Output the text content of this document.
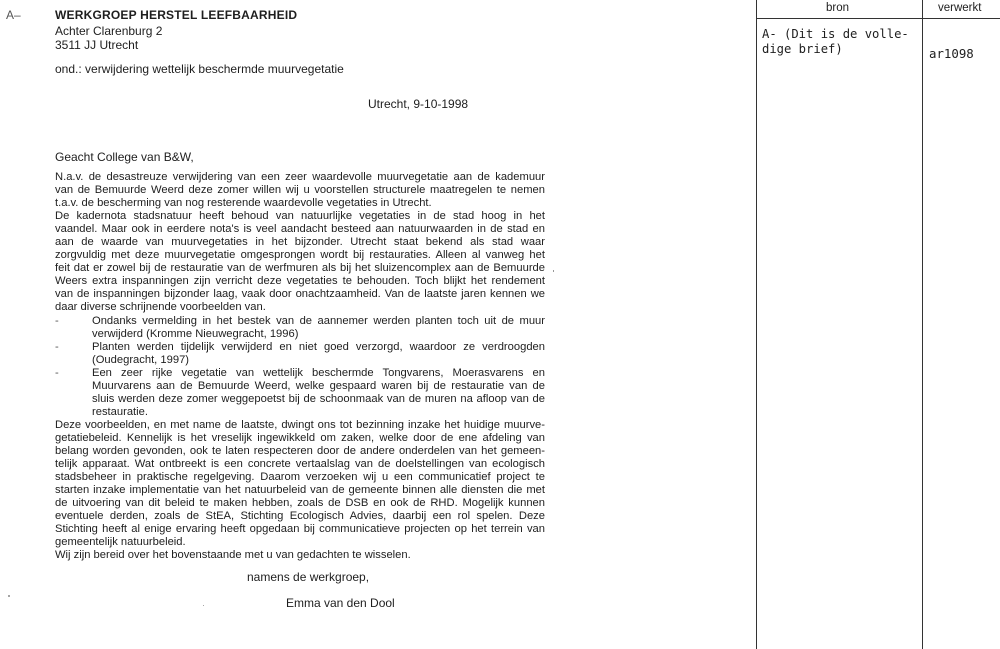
A–	WERKGROEP HERSTEL LEEFBAARHEID
Achter Clarenburg 2
3511 JJ Utrecht
ond.: verwijdering wettelijk beschermde muurvegetatie
Utrecht, 9-10-1998
Geacht College van B&W,
N.a.v. de desastreuze verwijdering van een zeer waardevolle muurvegetatie aan de kademuur
van de Bemuurde Weerd deze zomer willen wij u voorstellen structurele maatregelen te nemen
t.a.v. de bescherming van nog resterende waardevolle vegetaties in Utrecht.
De kadernota stadsnatuur heeft behoud van natuurlijke vegetaties in de stad hoog in het
vaandel. Maar ook in eerdere nota's is veel aandacht besteed aan natuurwaarden in de stad en
aan de waarde van muurvegetaties in het bijzonder. Utrecht staat bekend als stad waar
zorgvuldig met deze muurvegetatie omgesprongen wordt bij restauraties. Alleen al vanweg het
feit dat er zowel bij de restauratie van de werfmuren als bij het sluizencomplex aan de Bemuurde
Weers extra inspanningen zijn verricht deze vegetaties te behouden. Toch blijkt het rendement
van de inspanningen bijzonder laag, vaak door onachtzaamheid. Van de laatste jaren kennen we
daar diverse schrijnende voorbeelden van.
-	Ondanks vermelding in het bestek van de aannemer werden planten toch uit de muur
verwijderd (Kromme Nieuwegracht, 1996)
-	Planten werden tijdelijk verwijderd en niet goed verzorgd, waardoor ze verdroogden
(Oudegracht, 1997)
-	Een zeer rijke vegetatie van wettelijk beschermde Tongvarens, Moerasvarens en
Muurvarens aan de Bemuurde Weerd, welke gespaard waren bij de restauratie van de
sluis werden deze zomer weggepoetst bij de schoonmaak van de muren na afloop van de
restauratie.
Deze voorbeelden, en met name de laatste, dwingt ons tot bezinning inzake het huidige muurve-
getatiebeleid. Kennelijk is het vreselijk ingewikkeld om zaken, welke door de ene afdeling van
belang worden gevonden, ook te laten respecteren door de andere onderdelen van het gemeen-
telijk apparaat. Wat ontbreekt is een concrete vertaalslag van de doelstellingen van ecologisch
stadsbeheer in praktische regelgeving. Daarom verzoeken wij u een communicatief project te
starten inzake implementatie van het natuurbeleid van de gemeente binnen alle diensten die met
de uitvoering van dit beleid te maken hebben, zoals de DSB en ook de RHD. Mogelijk kunnen
eventuele derden, zoals de StEA, Stichting Ecologisch Advies, daarbij een rol spelen. Deze
Stichting heeft al enige ervaring heeft opgedaan bij communicatieve projecten op het terrein van
gemeentelijk natuurbeleid.
Wij zijn bereid over het bovenstaande met u van gedachten te wisselen.
namens de werkgroep,
Emma van den Dool
bron	verwerkt
A- (Dit is de volle-dige brief)	ar1098
